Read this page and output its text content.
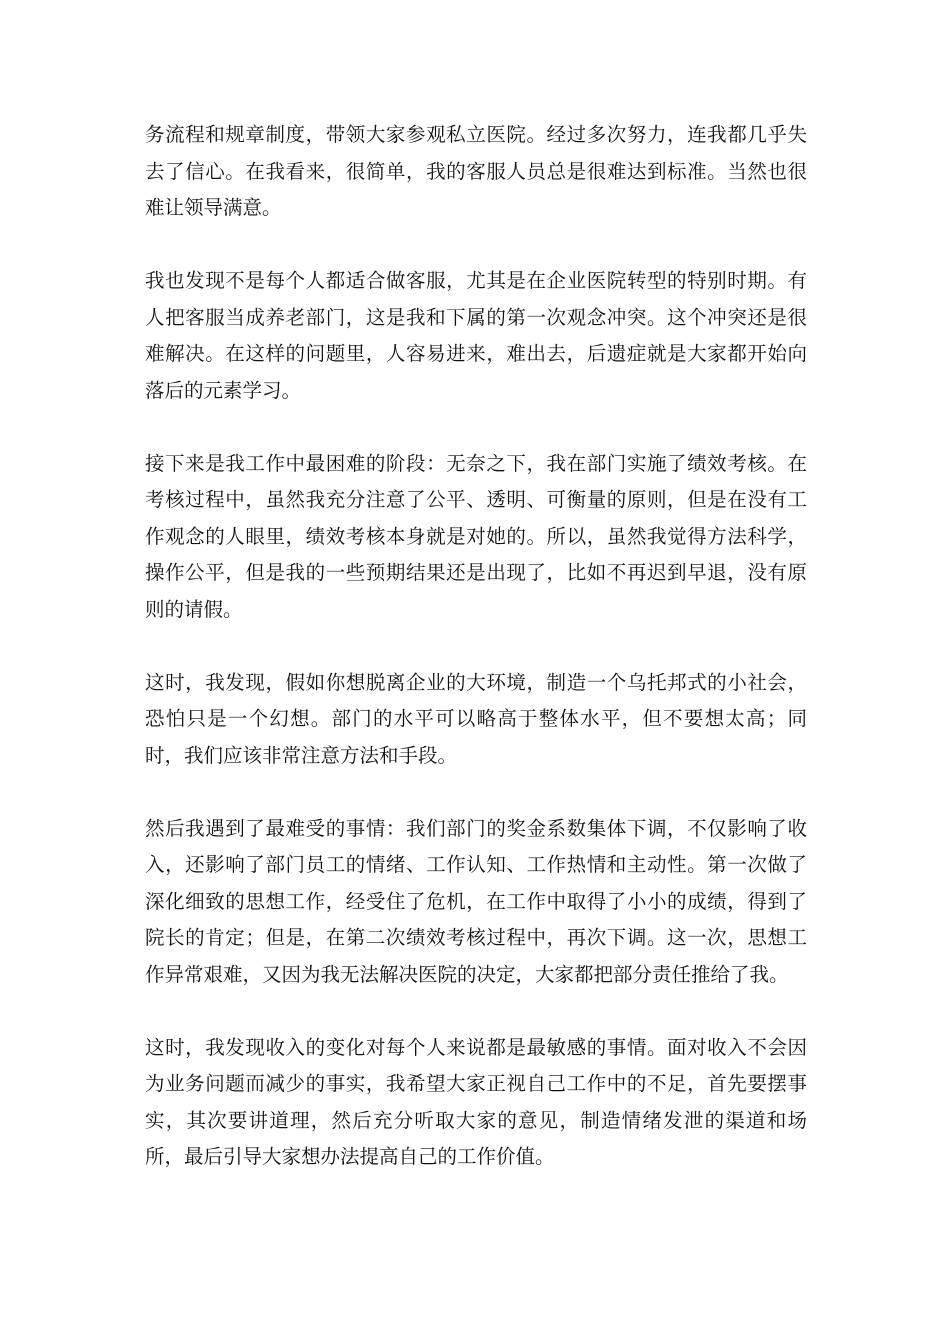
务流程和规章制度，带领大家参观私立医院。经过多次努力，连我都几乎失去了信心。在我看来，很简单，我的客服人员总是很难达到标准。当然也很难让领导满意。

我也发现不是每个人都适合做客服，尤其是在企业医院转型的特别时期。有人把客服当成养老部门，这是我和下属的第一次观念冲突。这个冲突还是很难解决。在这样的问题里，人容易进来，难出去，后遗症就是大家都开始向落后的元素学习。

接下来是我工作中最困难的阶段：无奈之下，我在部门实施了绩效考核。在考核过程中，虽然我充分注意了公平、透明、可衡量的原则，但是在没有工作观念的人眼里，绩效考核本身就是对她的。所以，虽然我觉得方法科学，操作公平，但是我的一些预期结果还是出现了，比如不再迟到早退，没有原则的请假。

这时，我发现，假如你想脱离企业的大环境，制造一个乌托邦式的小社会，恐怕只是一个幻想。部门的水平可以略高于整体水平，但不要想太高；同时，我们应该非常注意方法和手段。

然后我遇到了最难受的事情：我们部门的奖金系数集体下调，不仅影响了收入，还影响了部门员工的情绪、工作认知、工作热情和主动性。第一次做了深化细致的思想工作，经受住了危机，在工作中取得了小小的成绩，得到了院长的肯定；但是，在第二次绩效考核过程中，再次下调。这一次，思想工作异常艰难，又因为我无法解决医院的决定，大家都把部分责任推给了我。

这时，我发现收入的变化对每个人来说都是最敏感的事情。面对收入不会因为业务问题而减少的事实，我希望大家正视自己工作中的不足，首先要摆事实，其次要讲道理，然后充分听取大家的意见，制造情绪发泄的渠道和场所，最后引导大家想办法提高自己的工作价值。
